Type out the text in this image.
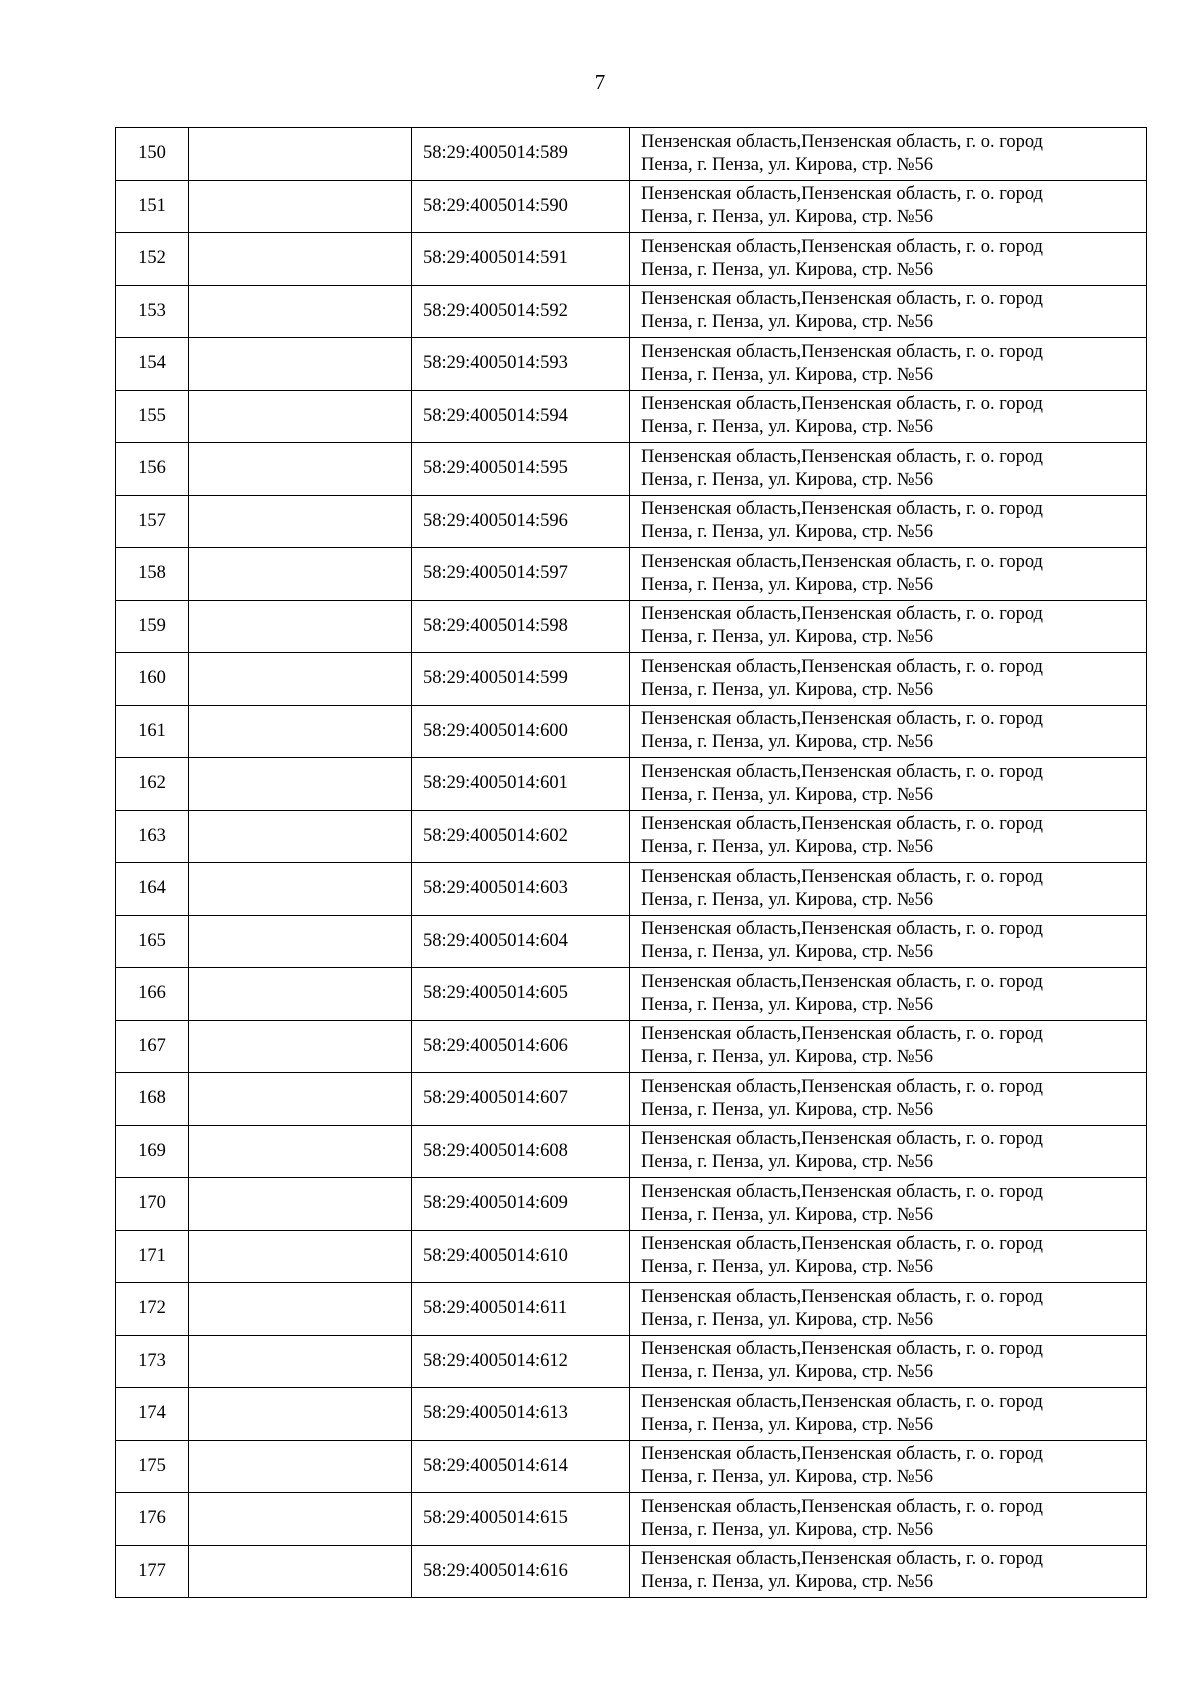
7
150		58:29:4005014:589	Пензенская область,Пензенская область, г. о. город
Пенза, г. Пенза, ул. Кирова, стр. №56

151		58:29:4005014:590	Пензенская область,Пензенская область, г. о. город
Пенза, г. Пенза, ул. Кирова, стр. №56

152		58:29:4005014:591	Пензенская область,Пензенская область, г. о. город
Пенза, г. Пенза, ул. Кирова, стр. №56

153		58:29:4005014:592	Пензенская область,Пензенская область, г. о. город
Пенза, г. Пенза, ул. Кирова, стр. №56

154		58:29:4005014:593	Пензенская область,Пензенская область, г. о. город
Пенза, г. Пенза, ул. Кирова, стр. №56

155		58:29:4005014:594	Пензенская область,Пензенская область, г. о. город
Пенза, г. Пенза, ул. Кирова, стр. №56

156		58:29:4005014:595	Пензенская область,Пензенская область, г. о. город
Пенза, г. Пенза, ул. Кирова, стр. №56

157		58:29:4005014:596	Пензенская область,Пензенская область, г. о. город
Пенза, г. Пенза, ул. Кирова, стр. №56

158		58:29:4005014:597	Пензенская область,Пензенская область, г. о. город
Пенза, г. Пенза, ул. Кирова, стр. №56

159		58:29:4005014:598	Пензенская область,Пензенская область, г. о. город
Пенза, г. Пенза, ул. Кирова, стр. №56

160		58:29:4005014:599	Пензенская область,Пензенская область, г. о. город
Пенза, г. Пенза, ул. Кирова, стр. №56

161		58:29:4005014:600	Пензенская область,Пензенская область, г. о. город
Пенза, г. Пенза, ул. Кирова, стр. №56

162		58:29:4005014:601	Пензенская область,Пензенская область, г. о. город
Пенза, г. Пенза, ул. Кирова, стр. №56

163		58:29:4005014:602	Пензенская область,Пензенская область, г. о. город
Пенза, г. Пенза, ул. Кирова, стр. №56

164		58:29:4005014:603	Пензенская область,Пензенская область, г. о. город
Пенза, г. Пенза, ул. Кирова, стр. №56

165		58:29:4005014:604	Пензенская область,Пензенская область, г. о. город
Пенза, г. Пенза, ул. Кирова, стр. №56

166		58:29:4005014:605	Пензенская область,Пензенская область, г. о. город
Пенза, г. Пенза, ул. Кирова, стр. №56

167		58:29:4005014:606	Пензенская область,Пензенская область, г. о. город
Пенза, г. Пенза, ул. Кирова, стр. №56

168		58:29:4005014:607	Пензенская область,Пензенская область, г. о. город
Пенза, г. Пенза, ул. Кирова, стр. №56

169		58:29:4005014:608	Пензенская область,Пензенская область, г. о. город
Пенза, г. Пенза, ул. Кирова, стр. №56

170		58:29:4005014:609	Пензенская область,Пензенская область, г. о. город
Пенза, г. Пенза, ул. Кирова, стр. №56

171		58:29:4005014:610	Пензенская область,Пензенская область, г. о. город
Пенза, г. Пенза, ул. Кирова, стр. №56

172		58:29:4005014:611	Пензенская область,Пензенская область, г. о. город
Пенза, г. Пенза, ул. Кирова, стр. №56

173		58:29:4005014:612	Пензенская область,Пензенская область, г. о. город
Пенза, г. Пенза, ул. Кирова, стр. №56

174		58:29:4005014:613	Пензенская область,Пензенская область, г. о. город
Пенза, г. Пенза, ул. Кирова, стр. №56

175		58:29:4005014:614	Пензенская область,Пензенская область, г. о. город
Пенза, г. Пенза, ул. Кирова, стр. №56

176		58:29:4005014:615	Пензенская область,Пензенская область, г. о. город
Пенза, г. Пенза, ул. Кирова, стр. №56

177		58:29:4005014:616	Пензенская область,Пензенская область, г. о. город
Пенза, г. Пенза, ул. Кирова, стр. №56
